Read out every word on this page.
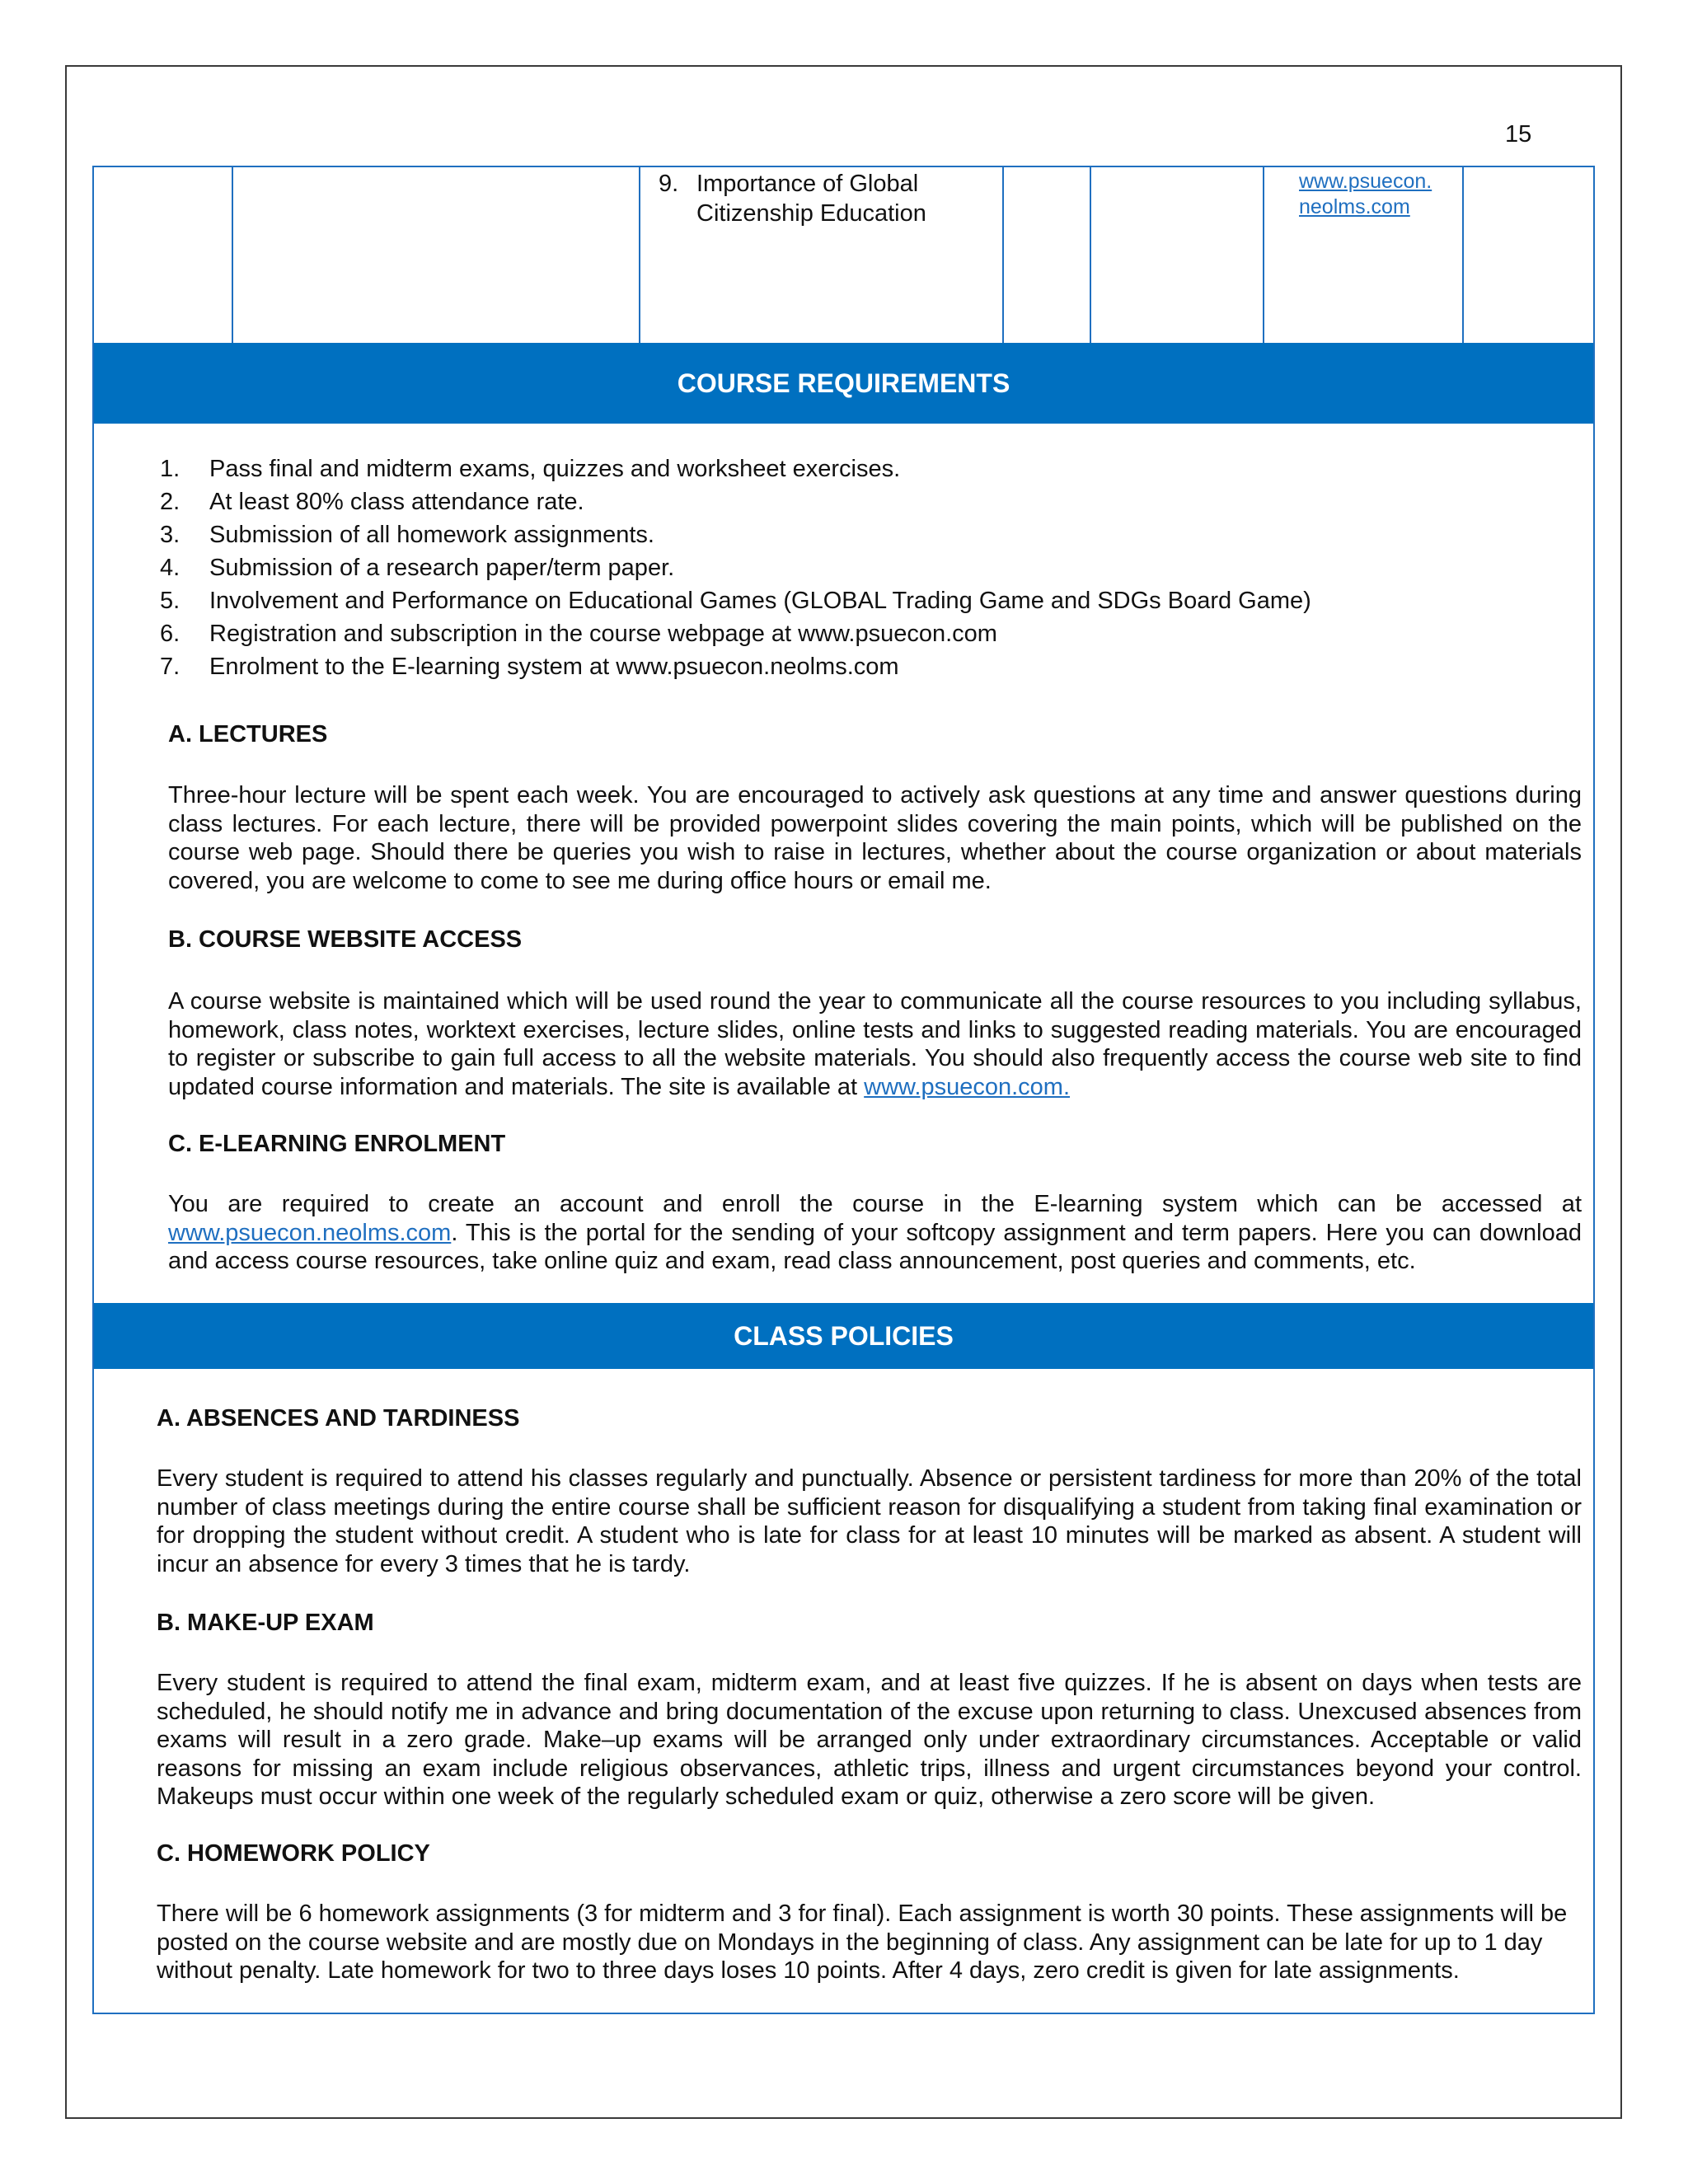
15
9. Importance of Global Citizenship Education
www.psuecon.
neolms.com
COURSE REQUIREMENTS
1. Pass final and midterm exams, quizzes and worksheet exercises.
2. At least 80% class attendance rate.
3. Submission of all homework assignments.
4. Submission of a research paper/term paper.
5. Involvement and Performance on Educational Games (GLOBAL Trading Game and SDGs Board Game)
6. Registration and subscription in the course webpage at www.psuecon.com
7. Enrolment to the E-learning system at www.psuecon.neolms.com
A. LECTURES
Three-hour lecture will be spent each week. You are encouraged to actively ask questions at any time and answer questions during class lectures. For each lecture, there will be provided powerpoint slides covering the main points, which will be published on the course web page. Should there be queries you wish to raise in lectures, whether about the course organization or about materials covered, you are welcome to come to see me during office hours or email me.
B. COURSE WEBSITE ACCESS
A course website is maintained which will be used round the year to communicate all the course resources to you including syllabus, homework, class notes, worktext exercises, lecture slides, online tests and links to suggested reading materials. You are encouraged to register or subscribe to gain full access to all the website materials. You should also frequently access the course web site to find updated course information and materials. The site is available at www.psuecon.com.
C. E-LEARNING ENROLMENT
You are required to create an account and enroll the course in the E-learning system which can be accessed at www.psuecon.neolms.com. This is the portal for the sending of your softcopy assignment and term papers. Here you can download and access course resources, take online quiz and exam, read class announcement, post queries and comments, etc.
CLASS POLICIES
A. ABSENCES AND TARDINESS
Every student is required to attend his classes regularly and punctually. Absence or persistent tardiness for more than 20% of the total number of class meetings during the entire course shall be sufficient reason for disqualifying a student from taking final examination or for dropping the student without credit. A student who is late for class for at least 10 minutes will be marked as absent. A student will incur an absence for every 3 times that he is tardy.
B. MAKE-UP EXAM
Every student is required to attend the final exam, midterm exam, and at least five quizzes. If he is absent on days when tests are scheduled, he should notify me in advance and bring documentation of the excuse upon returning to class. Unexcused absences from exams will result in a zero grade. Make–up exams will be arranged only under extraordinary circumstances. Acceptable or valid reasons for missing an exam include religious observances, athletic trips, illness and urgent circumstances beyond your control. Makeups must occur within one week of the regularly scheduled exam or quiz, otherwise a zero score will be given.
C. HOMEWORK POLICY
There will be 6 homework assignments (3 for midterm and 3 for final). Each assignment is worth 30 points. These assignments will be posted on the course website and are mostly due on Mondays in the beginning of class. Any assignment can be late for up to 1 day without penalty. Late homework for two to three days loses 10 points. After 4 days, zero credit is given for late assignments.
